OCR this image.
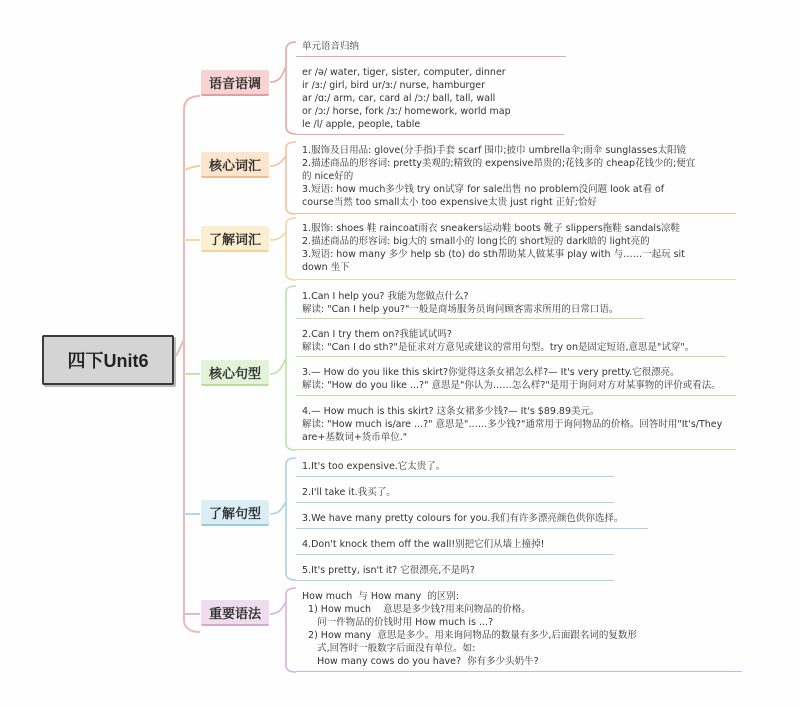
四下Unit6
语音语调
核心词汇
了解词汇
核心句型
了解句型
重要语法
单元语音归纳
er /ə/ water, tiger, sister, computer, dinner
ir /ɜː/ girl, bird ur/ɜː/ nurse, hamburger
ar /ɑː/ arm, car, card al /ɔː/ ball, tall, wall
or /ɔː/ horse, fork /ɜː/ homework, world map
le /l/ apple, people, table
1.服饰及日用品: glove(分手指)手套 scarf 围巾;披巾 umbrella伞;雨伞 sunglasses太阳镜
2.描述商品的形容词: pretty美观的;精致的 expensive昂贵的;花钱多的 cheap花钱少的;便宜
的 nice好的
3.短语: how much多少钱 try on试穿 for sale出售 no problem没问题 look at看 of
course当然 too small太小 too expensive太贵 just right 正好;恰好
1.服饰: shoes 鞋 raincoat雨衣 sneakers运动鞋 boots 靴子 slippers拖鞋 sandals凉鞋
2.描述商品的形容词: big大的 small小的 long长的 short短的 dark暗的 light亮的
3.短语: how many 多少 help sb (to) do sth帮助某人做某事 play with 与……一起玩 sit
down 坐下
1.Can I help you? 我能为您做点什么?
解读: "Can I help you?"一般是商场服务员询问顾客需求所用的日常口语。
2.Can I try them on?我能试试吗?
解读: "Can I do sth?"是征求对方意见或建议的常用句型。try on是固定短语,意思是"试穿"。
3.— How do you like this skirt?你觉得这条女裙怎么样?— It's very pretty.它很漂亮。
解读: "How do you like ...?" 意思是"你认为……怎么样?"是用于询问对方对某事物的评价或看法。
4.— How much is this skirt? 这条女裙多少钱?— It's $89.89美元。
解读: "How much is/are ...?" 意思是"……多少钱?"通常用于询问物品的价格。回答时用"It's/They
are+基数词+货币单位."
1.It's too expensive.它太贵了。
2.I'll take it.我买了。
3.We have many pretty colours for you.我们有许多漂亮颜色供你选择。
4.Don't knock them off the wall!别把它们从墙上撞掉!
5.It's pretty, isn't it? 它很漂亮,不是吗?
How much  与 How many  的区别:
1) How much    意思是多少钱?用来问物品的价格。
问一件物品的价钱时用 How much is ...?
2) How many  意思是多少。用来询问物品的数量有多少,后面跟名词的复数形
式,回答时一般数字后面没有单位。如:
How many cows do you have?  你有多少头奶牛?
